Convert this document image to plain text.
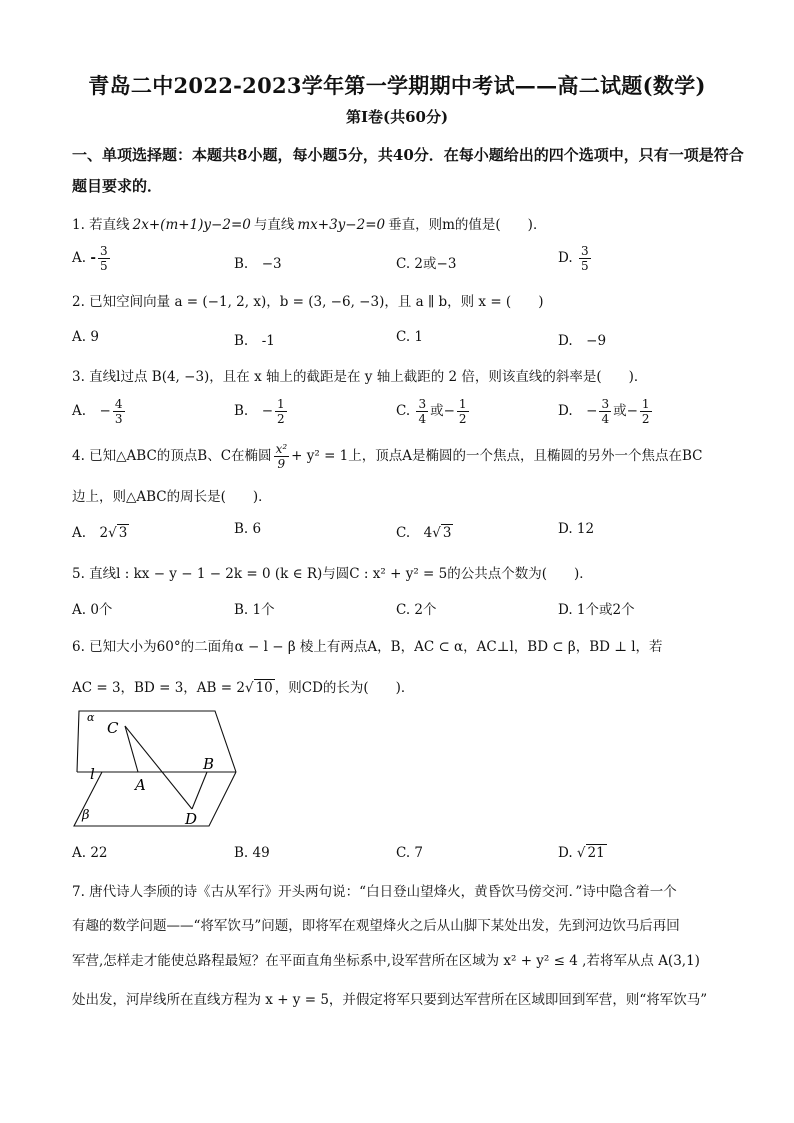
青岛二中2022-2023学年第一学期期中考试——高二试题(数学)
第Ⅰ卷(共60分)
一、单项选择题：本题共8小题，每小题5分，共40分．在每小题给出的四个选项中，只有一项是符合题目要求的．
1. 若直线 2x+(m+1)y−2=0 与直线 mx+3y−2=0 垂直，则m的值是(　　)．
A. - $\frac{3}{5}$	B.　−3	C. 2或−3	D. $\frac{3}{5}$
2. 已知空间向量 a = (−1, 2, x)，b = (3, −6, −3)，且 a ∥ b，则 x = (　　)
A. 9	B.　-1	C. 1	D.　−9
3. 直线l过点 B(4, −3)，且在 x 轴上的截距是在 y 轴上截距的 2 倍，则该直线的斜率是(　　)．
A.　− $\frac{4}{3}$	B.　− $\frac{1}{2}$	C. $\frac{3}{4}$ 或− $\frac{1}{2}$	D.　− $\frac{3}{4}$ 或− $\frac{1}{2}$
4. 已知△ABC的顶点B、C在椭圆 $\frac{\text{x²}}{9} + y^2 = 1$上，顶点A是椭圆的一个焦点，且椭圆的另外一个焦点在BC
边上，则△ABC的周长是(　　)．
A.　2√ 3	B. 6	C.　4√ 3	D. 12
5. 直线l : kx − y − 1 − 2k = 0 (k ∈ R)与圆C : x² + y² = 5的公共点个数为(　　)．
A. 0个	B. 1个	C. 2个	D. 1个或2个
6. 已知大小为60°的二面角α − l − β 棱上有两点A，B，AC ⊂ α，AC⊥l，BD ⊂ β，BD ⊥ l，若
AC = 3，BD = 3，AB = 2√ 10 ，则CD的长为(　　)．
α
C
l
A
B
β	D
A. 22	B. 49	C. 7	D. √ 21
7. 唐代诗人李颀的诗《古从军行》开头两句说：“白日登山望烽火，黄昏饮马傍交河．”诗中隐含着一个
有趣的数学问题——“将军饮马”问题，即将军在观望烽火之后从山脚下某处出发，先到河边饮马后再回
军营,怎样走才能使总路程最短？在平面直角坐标系中,设军营所在区域为 x² + y² ≤ 4 ,若将军从点 A(3,1)
处出发，河岸线所在直线方程为 x + y = 5，并假定将军只要到达军营所在区域即回到军营，则“将军饮马”
